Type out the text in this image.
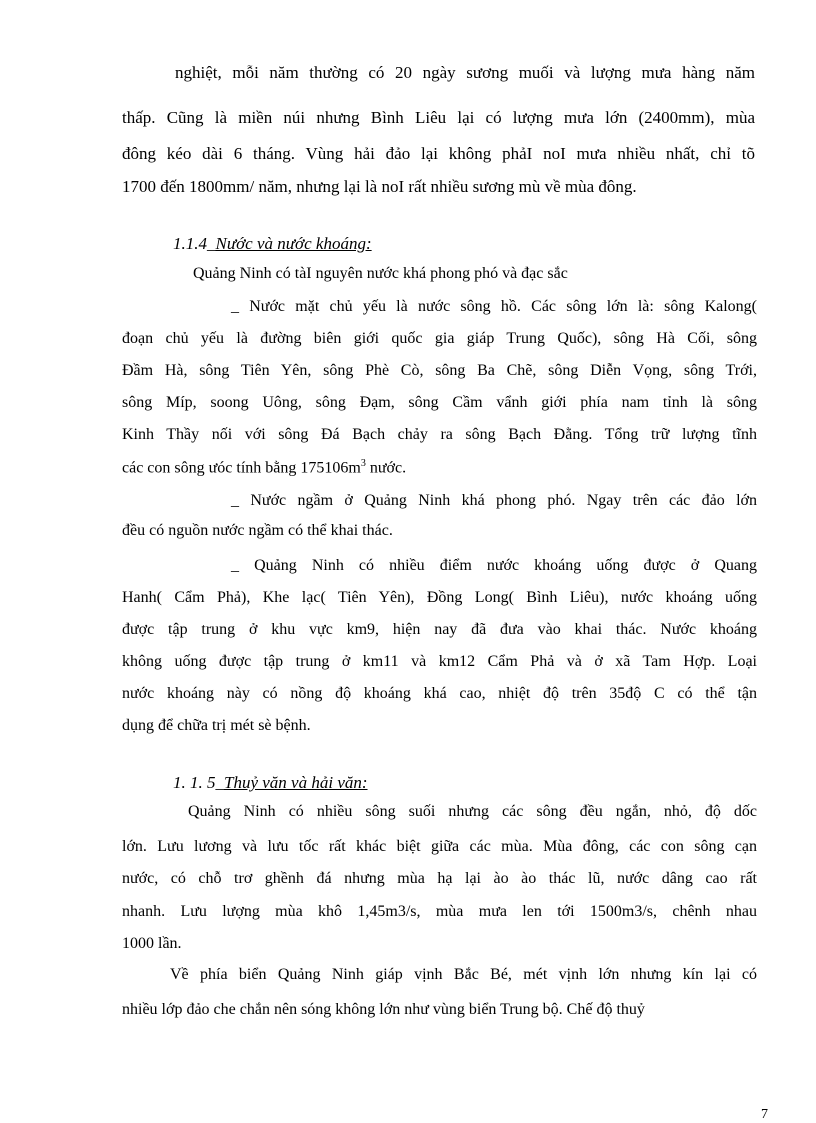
nghiệt, mỗi năm thường có 20 ngày sương muối và lượng mưa hàng năm
thấp. Cũng là miền núi nhưng Bình Liêu lại có lượng mưa lớn (2400mm), mùa
đông kéo dài 6 tháng. Vùng hải đảo lại không phảI noI mưa nhiều nhất, chỉ tõ
1700 đến 1800mm/ năm, nhưng lại là noI rất nhiều sương mù về mùa đông.
1.1.4_Nước và nước khoáng:
Quảng Ninh có tàI nguyên nước khá phong phó và đạc sắc
_ Nước mặt chủ yếu là nước sông hồ. Các sông lớn là: sông Kalong(
đoạn chủ yếu là đường biên giới quốc gia giáp Trung Quốc), sông Hà Cối, sông
Đầm Hà, sông Tiên Yên, sông Phè Cò, sông Ba Chẽ, sông Diễn Vọng, sông Trới,
sông Míp, soong Uông, sông Đạm, sông Cầm vẩnh giới phía nam tỉnh là sông
Kinh Thầy nối với sông Đá Bạch chảy ra sông Bạch Đằng. Tổng trữ lượng tĩnh
các con sông ưóc tính bằng $175106m^3$ nước.
_ Nước ngầm ở Quảng Ninh khá phong phó. Ngay trên các đảo lớn
đều có nguồn nước ngầm có thể khai thác.
_ Quảng Ninh có nhiều điểm nước khoáng uống được ở Quang
Hanh( Cẩm Phả), Khe lạc( Tiên Yên), Đồng Long( Bình Liêu), nước khoáng uống
được tập trung ở khu vực km9, hiện nay đã đưa vào khai thác. Nước khoáng
không uống được tập trung ở km11 và km12 Cẩm Phả và ở xã Tam Hợp. Loại
nước khoáng này có nồng độ khoáng khá cao, nhiệt độ trên 35độ C có thể tận
dụng để chữa trị mét sè bệnh.
1. 1. 5_Thuỷ văn và hải văn:
Quảng Ninh có nhiều sông suối nhưng các sông đều ngắn, nhỏ, độ dốc
lớn. Lưu lương và lưu tốc rất khác biệt giữa các mùa. Mùa đông, các con sông cạn
nước, có chỗ trơ ghềnh đá nhưng mùa hạ lại ào ào thác lũ, nước dâng cao rất
nhanh. Lưu lượng mùa khô 1,45m3/s, mùa mưa len tới 1500m3/s, chênh nhau
1000 lần.
Về phía biển Quảng Ninh giáp vịnh Bắc Bé, mét vịnh lớn nhưng kín lại có
nhiều lớp đảo che chắn nên sóng không lớn như vùng biển Trung bộ. Chế độ thuỷ
7
